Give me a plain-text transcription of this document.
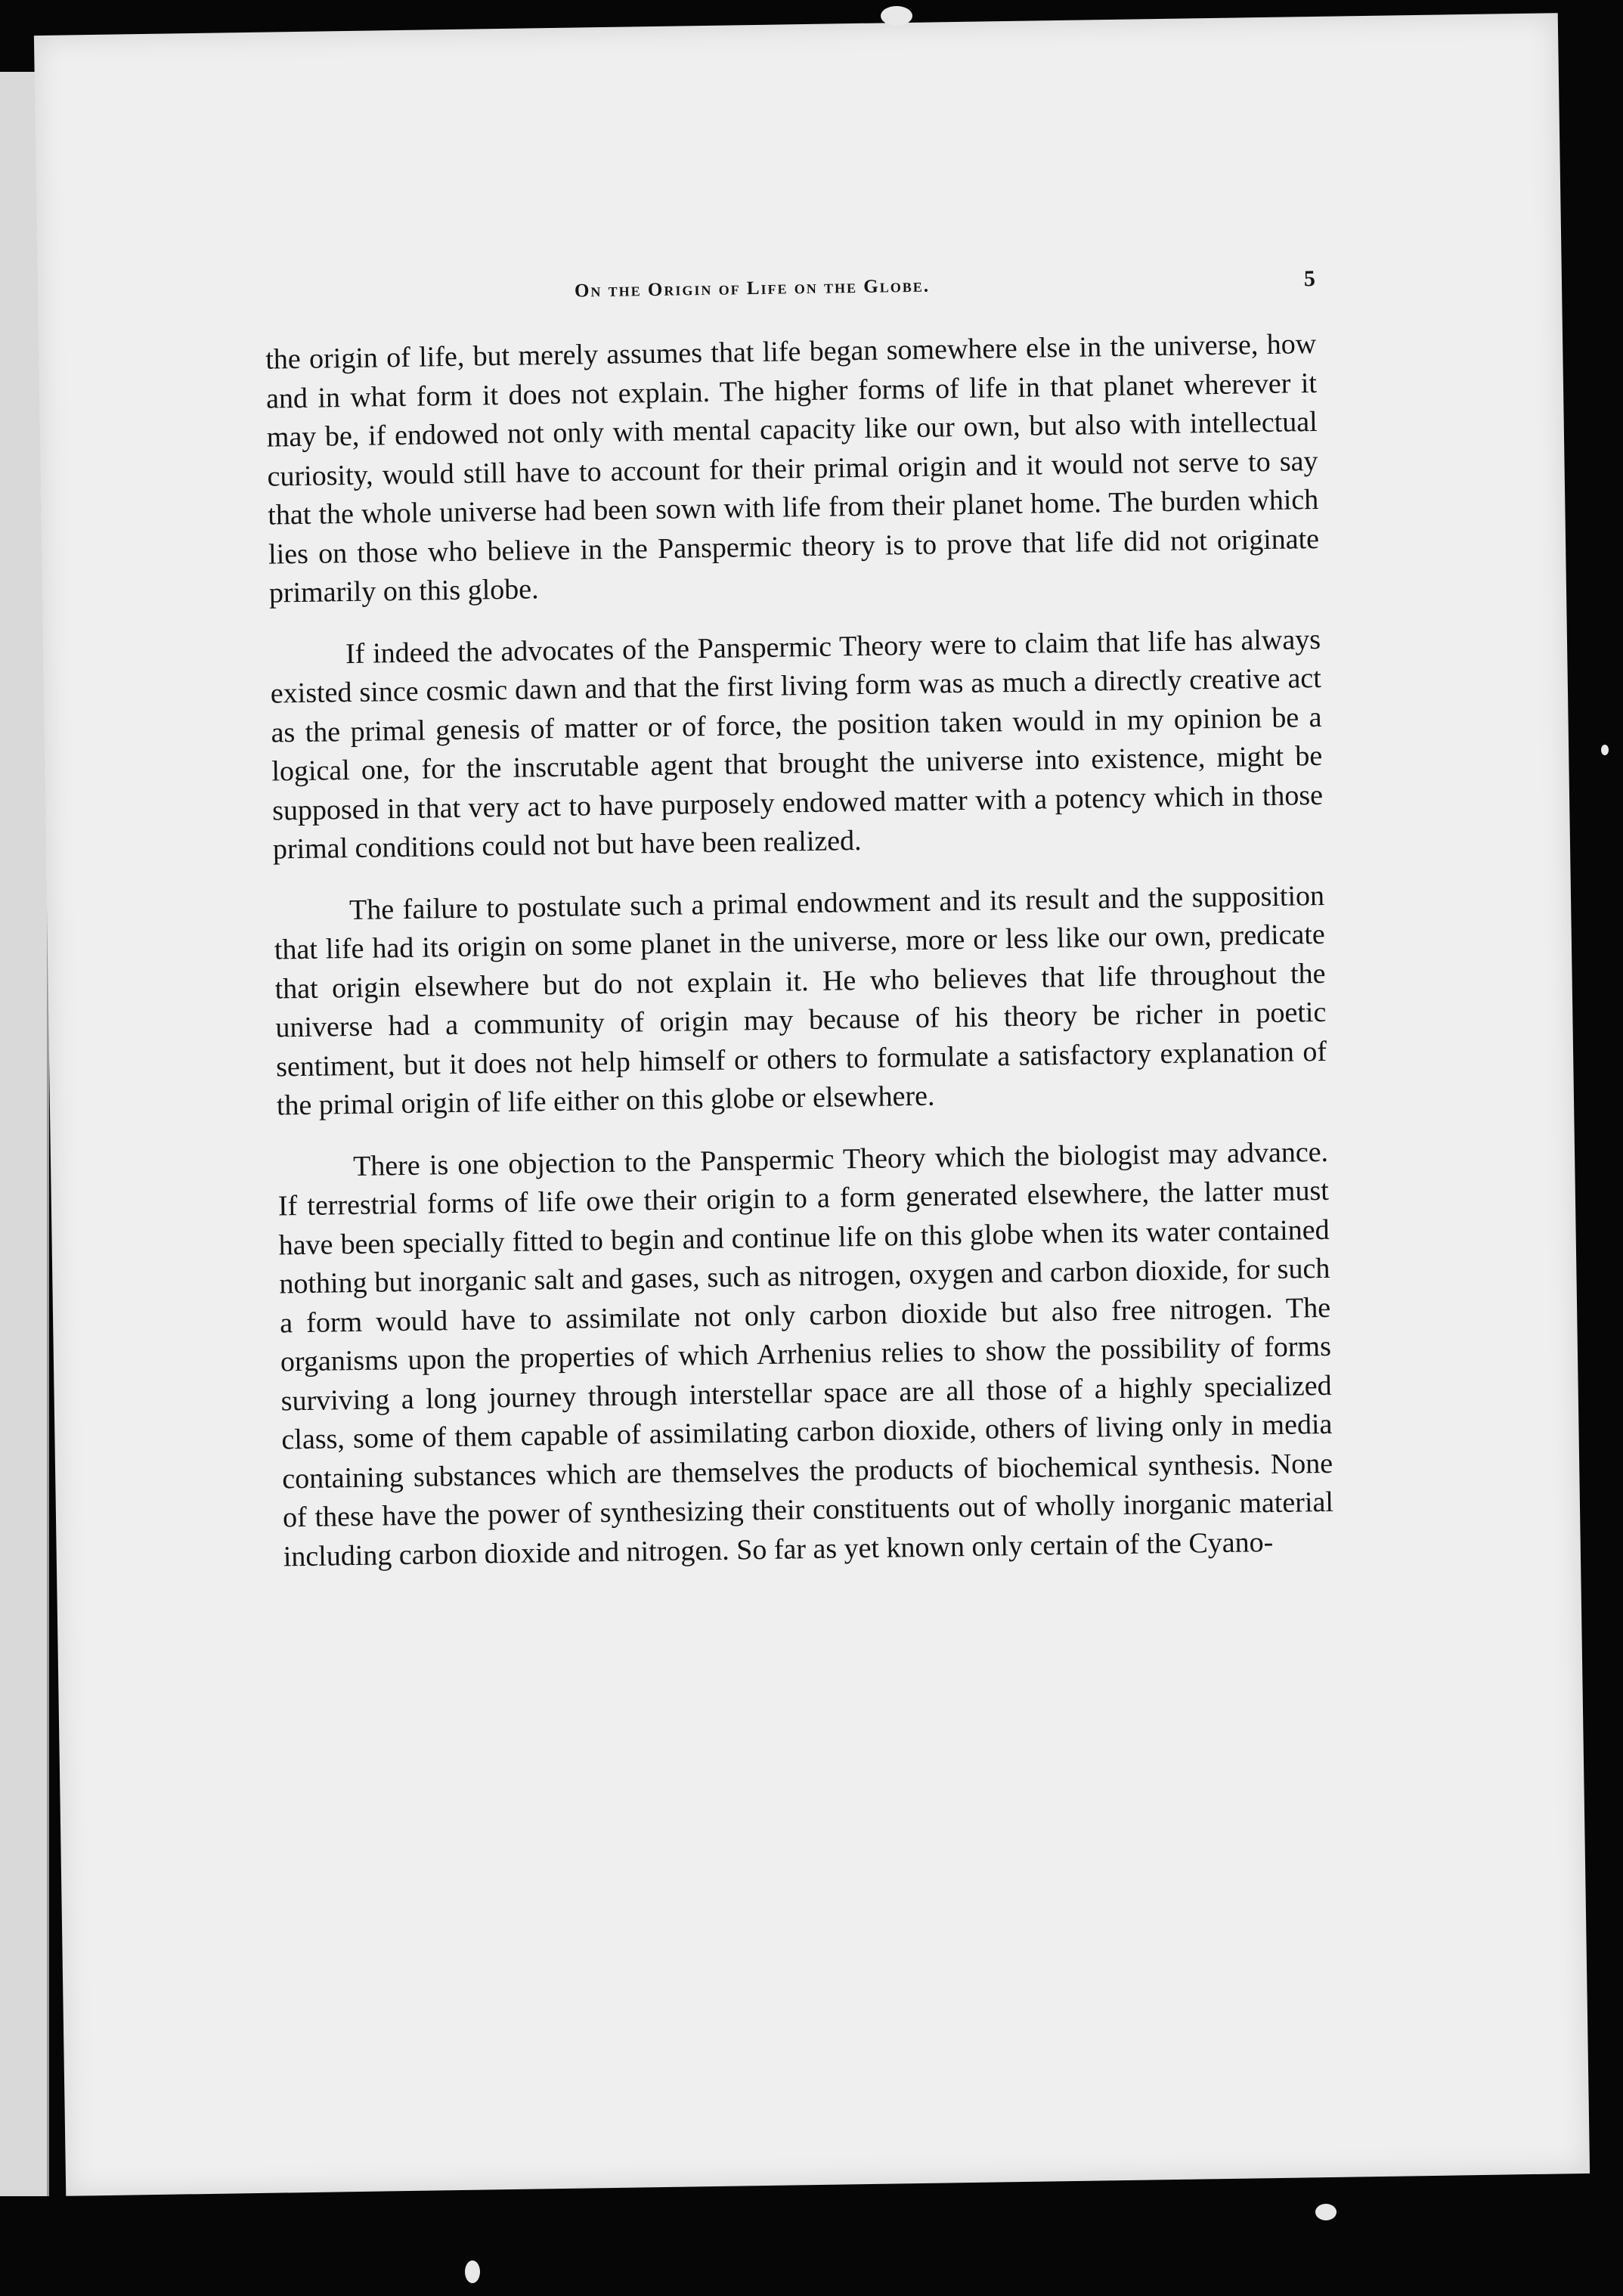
On the Origin of Life on the Globe.	5

the origin of life, but merely assumes that life began somewhere else in the universe, how and in what form it does not explain. The higher forms of life in that planet wherever it may be, if endowed not only with mental capacity like our own, but also with intellectual curiosity, would still have to account for their primal origin and it would not serve to say that the whole universe had been sown with life from their planet home. The burden which lies on those who believe in the Panspermic theory is to prove that life did not originate primarily on this globe.

If indeed the advocates of the Panspermic Theory were to claim that life has always existed since cosmic dawn and that the first living form was as much a directly creative act as the primal genesis of matter or of force, the position taken would in my opinion be a logical one, for the inscrutable agent that brought the universe into existence, might be supposed in that very act to have purposely endowed matter with a potency which in those primal conditions could not but have been realized.

The failure to postulate such a primal endowment and its result and the supposition that life had its origin on some planet in the universe, more or less like our own, predicate that origin elsewhere but do not explain it. He who believes that life throughout the universe had a community of origin may because of his theory be richer in poetic sentiment, but it does not help himself or others to formulate a satisfactory explanation of the primal origin of life either on this globe or elsewhere.

There is one objection to the Panspermic Theory which the biologist may advance. If terrestrial forms of life owe their origin to a form generated elsewhere, the latter must have been specially fitted to begin and continue life on this globe when its water contained nothing but inorganic salt and gases, such as nitrogen, oxygen and carbon dioxide, for such a form would have to assimilate not only carbon dioxide but also free nitrogen. The organisms upon the properties of which Arrhenius relies to show the possibility of forms surviving a long journey through interstellar space are all those of a highly specialized class, some of them capable of assimilating carbon dioxide, others of living only in media containing substances which are themselves the products of biochemical synthesis. None of these have the power of synthesizing their constituents out of wholly inorganic material including carbon dioxide and nitrogen. So far as yet known only certain of the Cyano-
